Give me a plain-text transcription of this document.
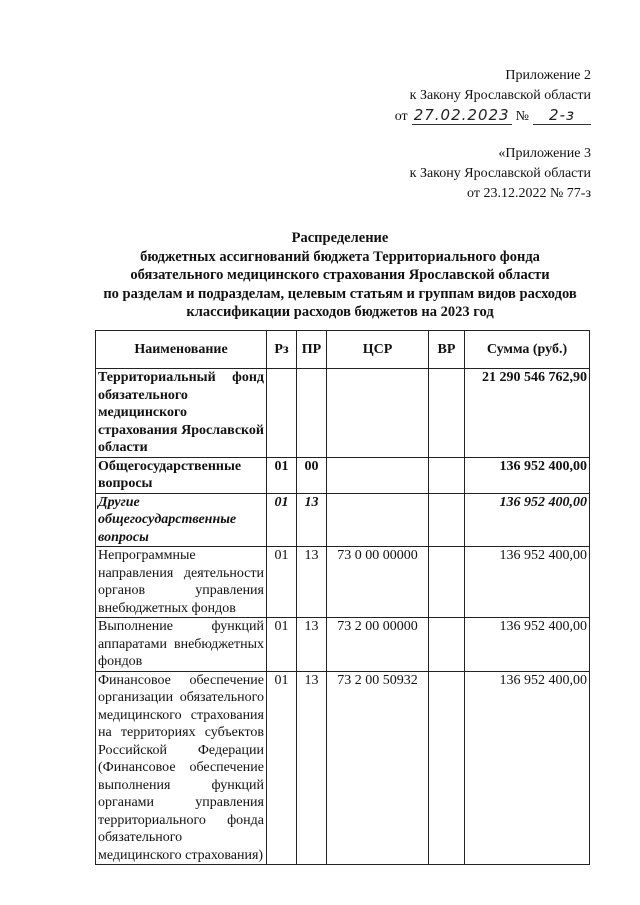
Приложение 2
к Закону Ярославской области
от 27.02.2023 №	2-з
«Приложение 3
к Закону Ярославской области
от 23.12.2022 № 77-з
Распределение
бюджетных ассигнований бюджета Территориального фонда
обязательного медицинского страхования Ярославской области
по разделам и подразделам, целевым статьям и группам видов расходов
классификации расходов бюджетов на 2023 год
Наименование	Рз	ПР	ЦСР	ВР	Сумма (руб.)
Территориальный фонд обязательного медицинского страхования Ярославской области					21 290 546 762,90
Общегосударственные вопросы	01	00			136 952 400,00
Другие общегосударственные вопросы	01	13			136 952 400,00
Непрограммные направления деятельности органов управления внебюджетных фондов	01	13	73 0 00 00000		136 952 400,00
Выполнение функций аппаратами внебюджетных фондов	01	13	73 2 00 00000		136 952 400,00
Финансовое обеспечение организации обязательного медицинского страхования на территориях субъектов Российской Федерации (Финансовое обеспечение выполнения функций органами управления территориального фонда обязательного медицинского страхования)	01	13	73 2 00 50932		136 952 400,00
